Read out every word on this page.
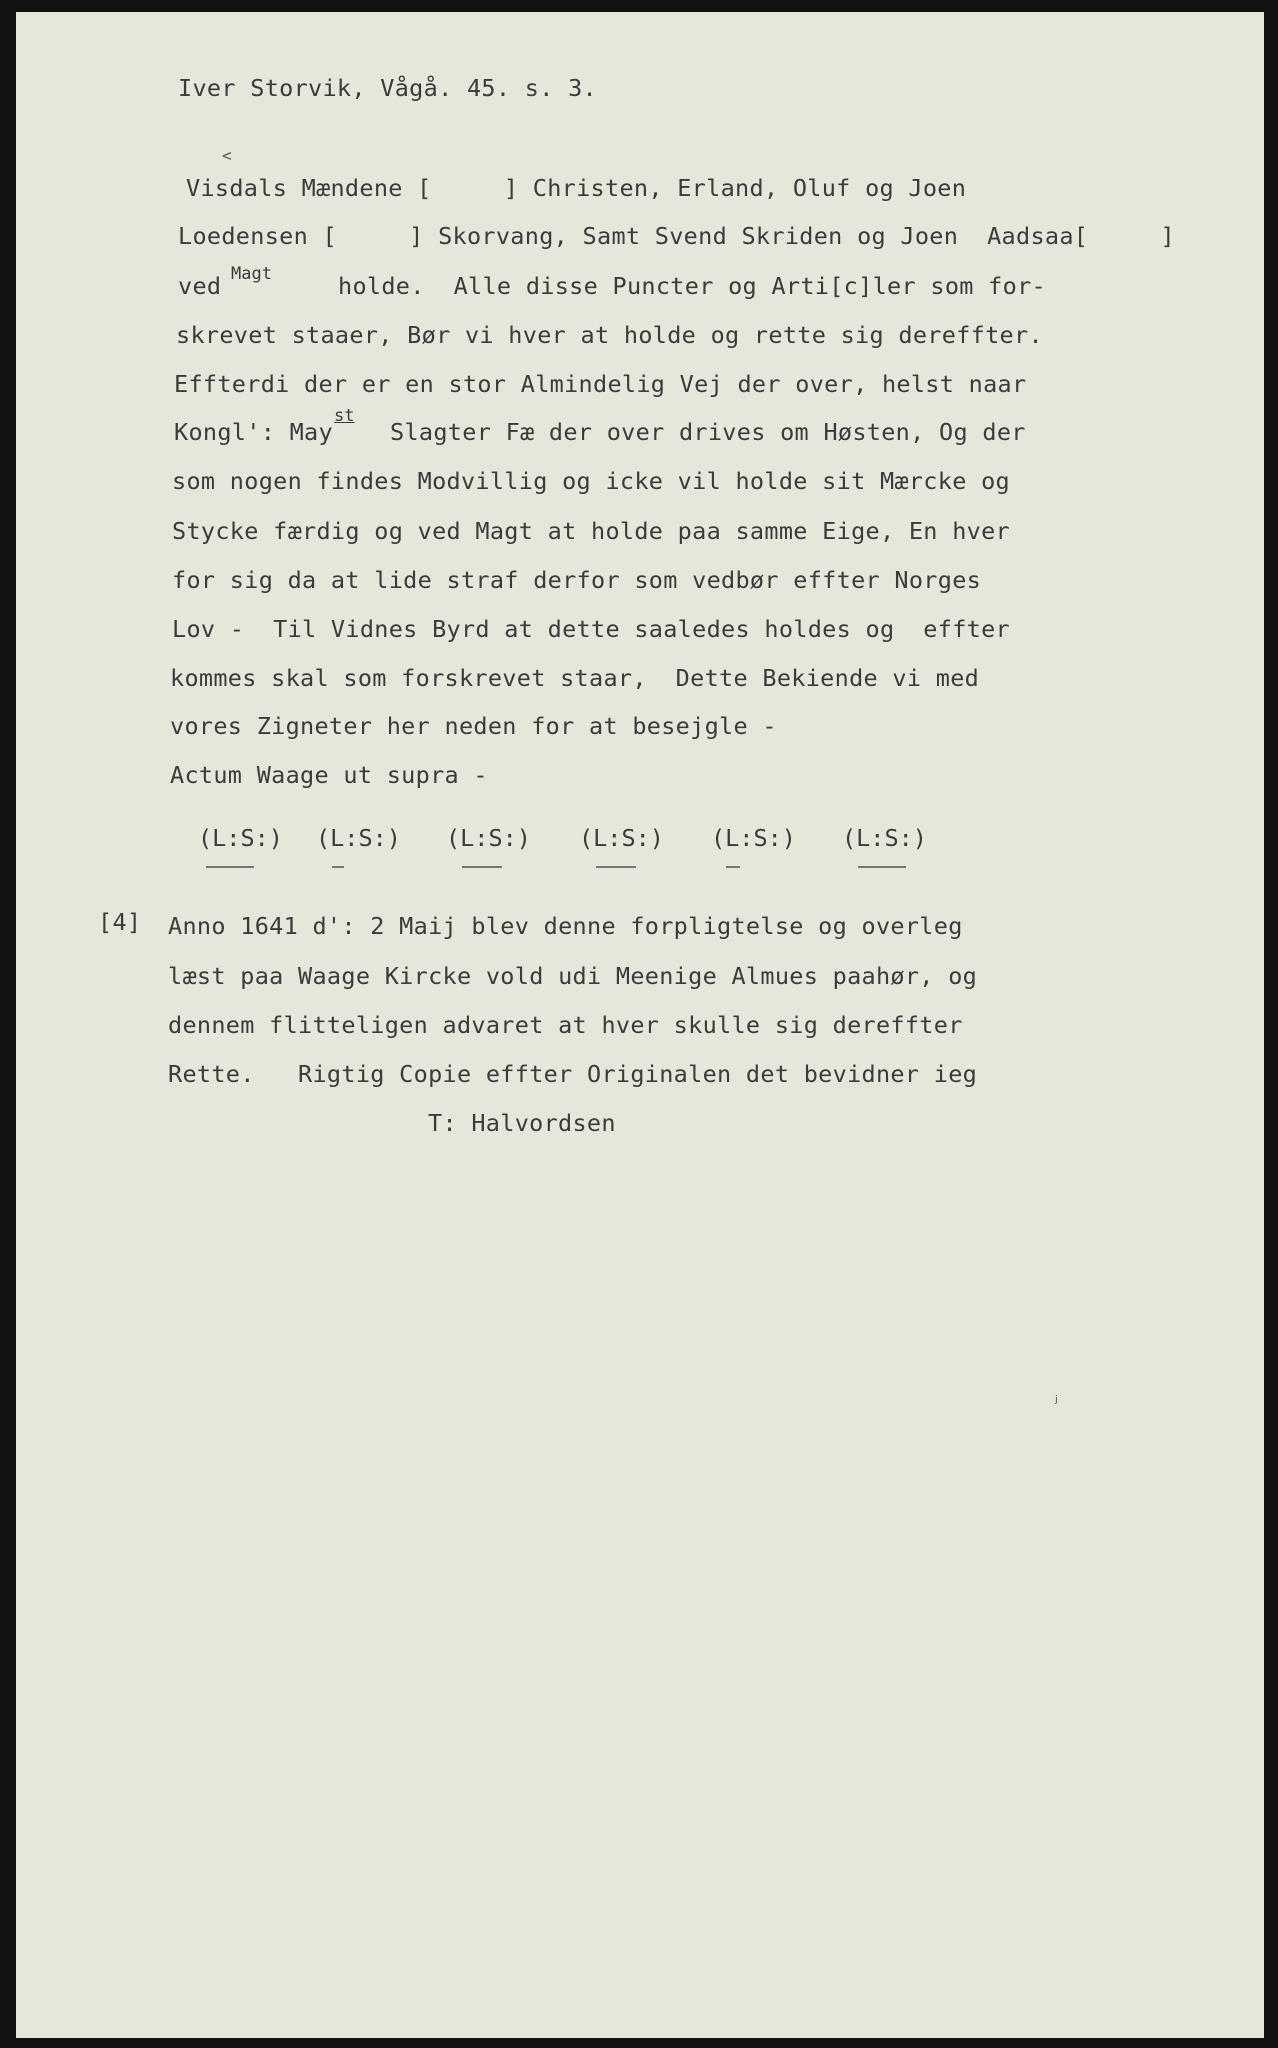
Iver Storvik, Vågå. 45. s. 3.
Visdals Mændene [     ] Christen, Erland, Oluf og Joen
Loedensen [     ] Skorvang, Samt Svend Skriden og Joen  Aadsaa[     ]
ved Magt	holde.  Alle disse Puncter og Arti[c]ler som for-
skrevet staaer, Bør vi hver at holde og rette sig dereffter.
Effterdi der er en stor Almindelig Vej der over, helst naar
Kongl': May
st
Slagter Fæ der over drives om Høsten, Og der
som nogen findes Modvillig og icke vil holde sit Mærcke og
Stycke færdig og ved Magt at holde paa samme Eige, En hver
for sig da at lide straf derfor som vedbør effter Norges
Lov -  Til Vidnes Byrd at dette saaledes holdes og  effter
kommes skal som forskrevet staar,  Dette Bekiende vi med
vores Zigneter her neden for at besejgle -
Actum Waage ut supra -
(L:S:) (L:S:) (L:S:) (L:S:) (L:S:) (L:S:)
[4] Anno 1641 d': 2 Maij blev denne forpligtelse og overleg
læst paa Waage Kircke vold udi Meenige Almues paahør, og
dennem flitteligen advaret at hver skulle sig dereffter
Rette.   Rigtig Copie effter Originalen det bevidner ieg
T: Halvordsen
<
ⱼ
